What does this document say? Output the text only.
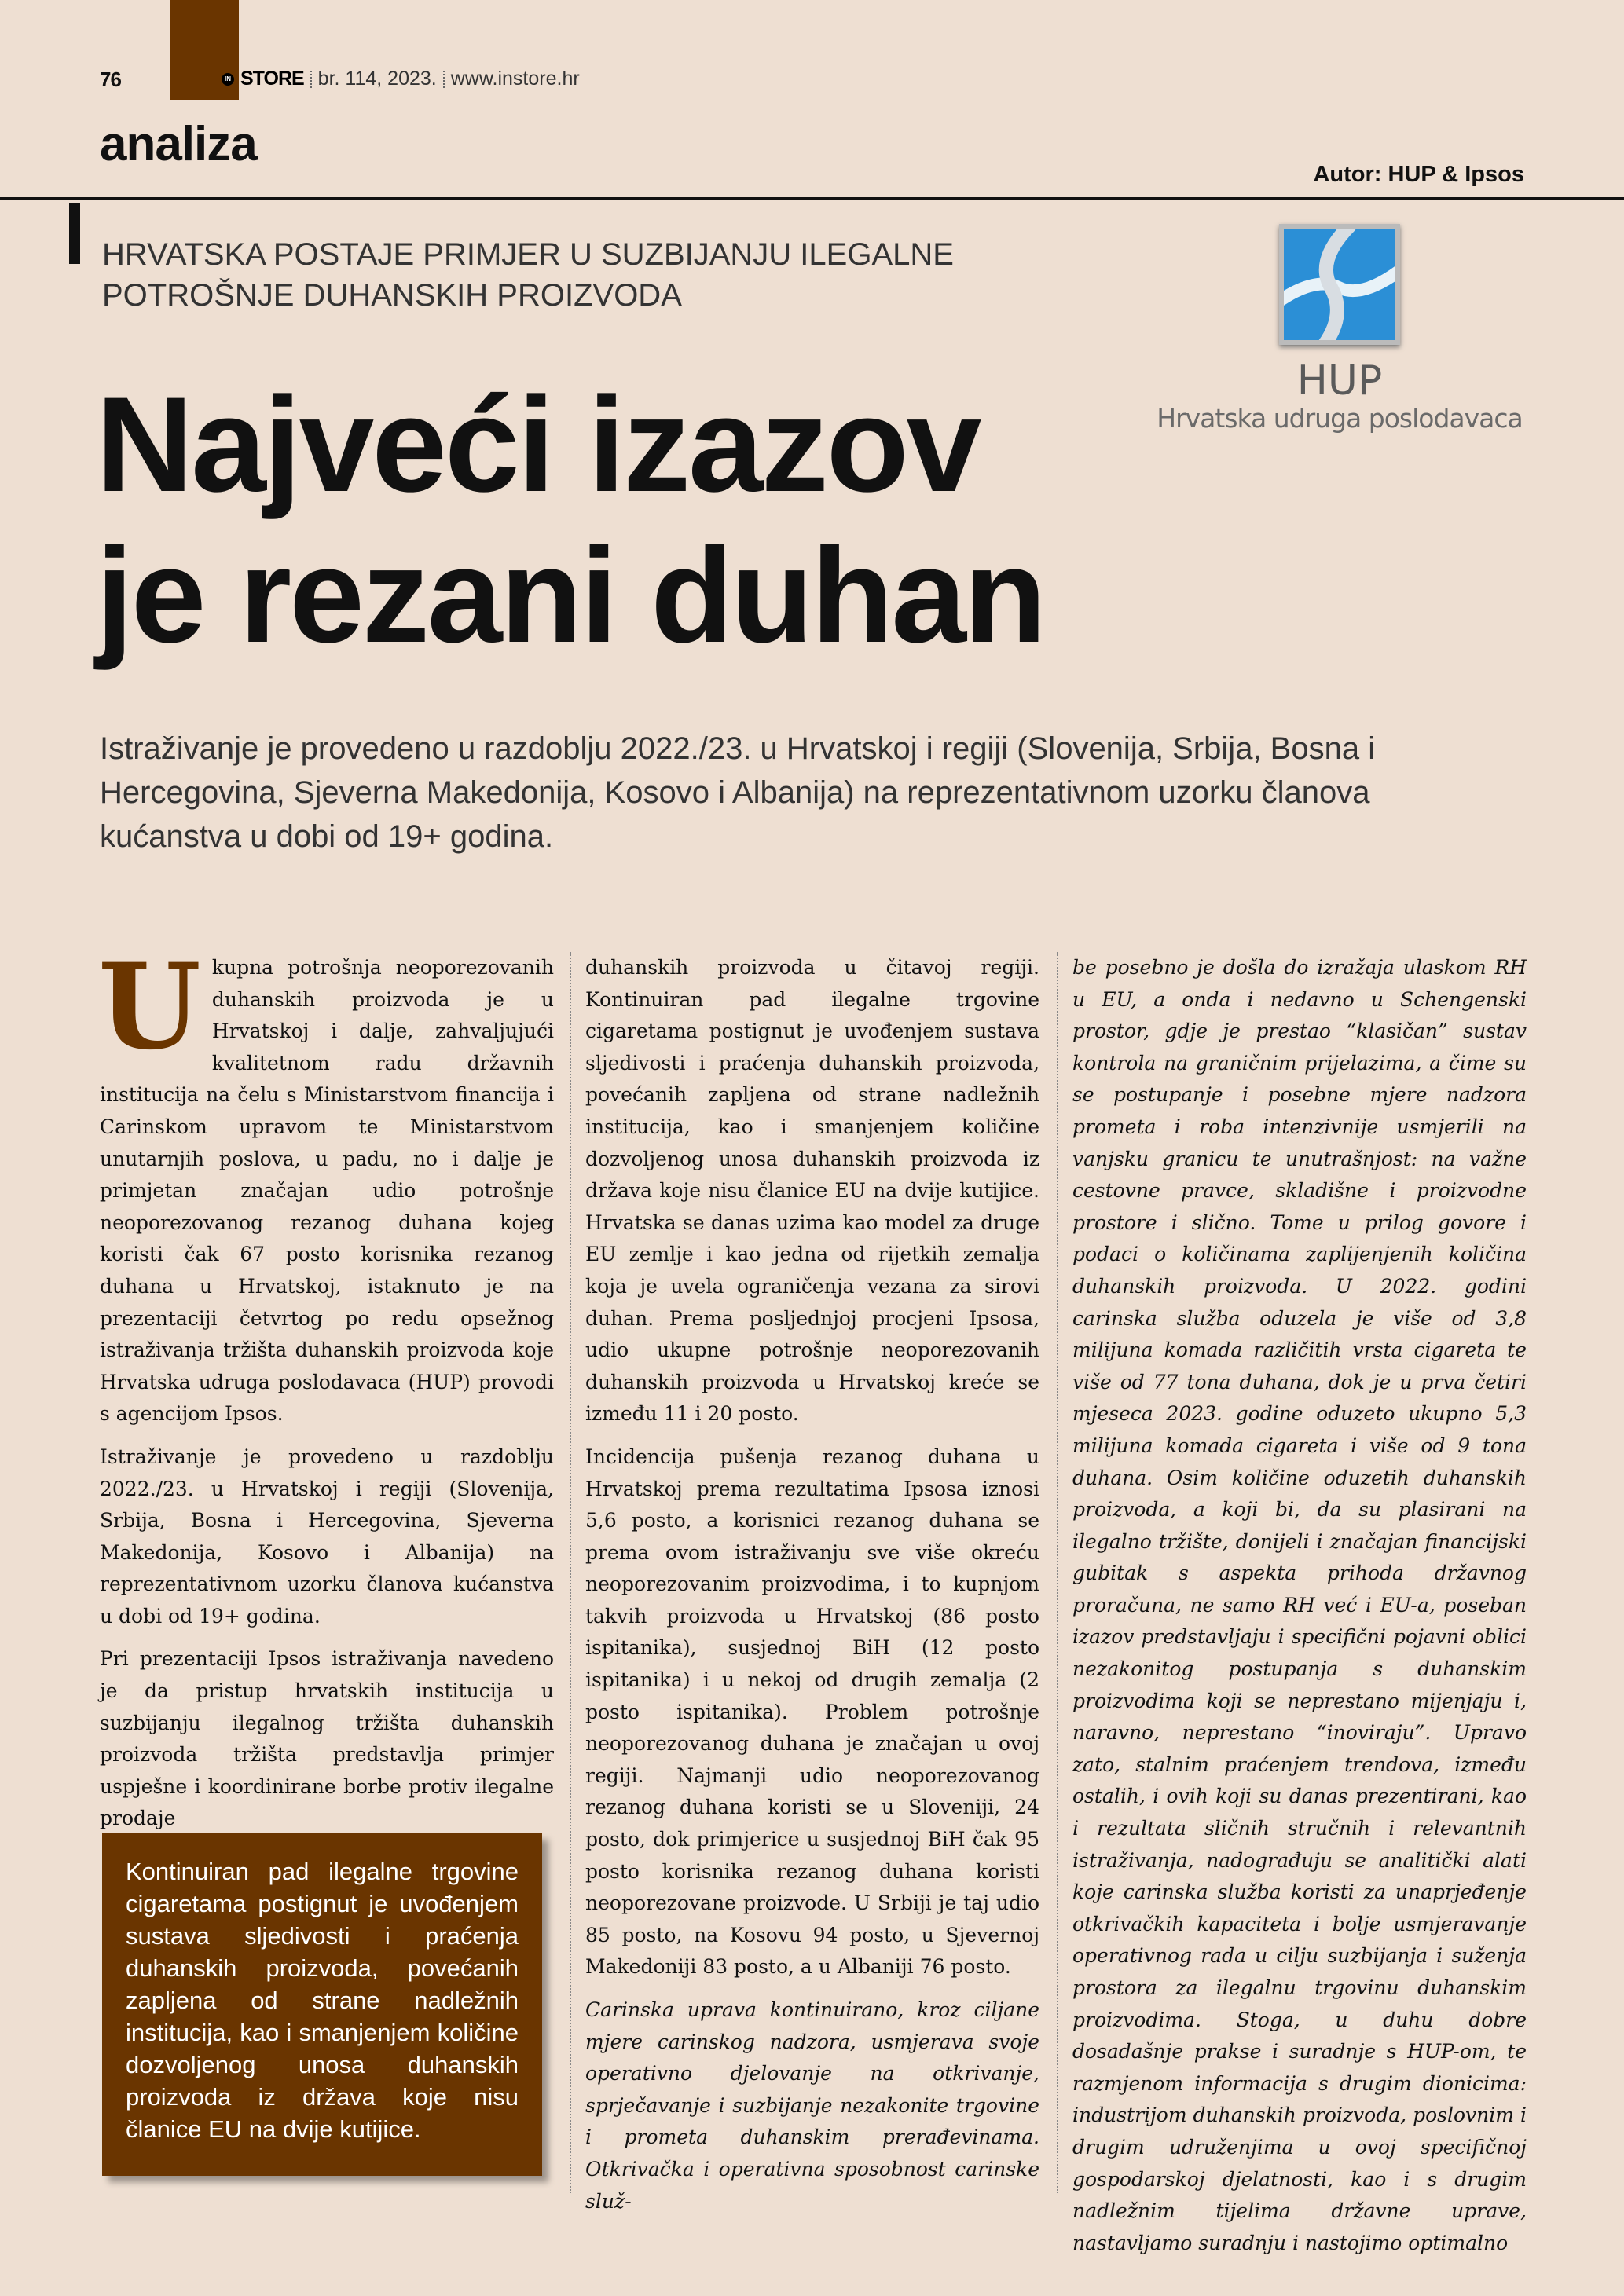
76	IN STORE br. 114, 2023. www.instore.hr
analiza
Autor: HUP & Ipsos
HRVATSKA POSTAJE PRIMJER U SUZBIJANJU ILEGALNE
POTROŠNJE DUHANSKIH PROIZVODA
HUP
Hrvatska udruga poslodavaca
Najveći izazov
je rezani duhan
Istraživanje je provedeno u razdoblju 2022./23. u Hrvatskoj i regiji (Slovenija, Srbija, Bosna i Hercegovina, Sjeverna Makedonija, Kosovo i Albanija) na reprezentativnom uzorku članova kućanstva u dobi od 19+ godina.

Ukupna potrošnja neoporezovanih duhanskih proizvoda je u Hrvatskoj i dalje, zahvaljujući kvalitetnom radu državnih institucija na čelu s Ministarstvom financija i Carinskom upravom te Ministarstvom unutarnjih poslova, u padu, no i dalje je primjetan značajan udio potrošnje neoporezovanog rezanog duhana kojeg koristi čak 67 posto korisnika rezanog duhana u Hrvatskoj, istaknuto je na prezentaciji četvrtog po redu opsežnog istraživanja tržišta duhanskih proizvoda koje Hrvatska udruga poslodavaca (HUP) provodi s agencijom Ipsos.

Istraživanje je provedeno u razdoblju 2022./23. u Hrvatskoj i regiji (Slovenija, Srbija, Bosna i Hercegovina, Sjeverna Makedonija, Kosovo i Albanija) na reprezentativnom uzorku članova kućanstva u dobi od 19+ godina.

Pri prezentaciji Ipsos istraživanja navedeno je da pristup hrvatskih institucija u suzbijanju ilegalnog tržišta duhanskih proizvoda tržišta predstavlja primjer uspješne i koordinirane borbe protiv ilegalne prodaje

duhanskih proizvoda u čitavoj regiji. Kontinuiran pad ilegalne trgovine cigaretama postignut je uvođenjem sustava sljedivosti i praćenja duhanskih proizvoda, povećanih zapljena od strane nadležnih institucija, kao i smanjenjem količine dozvoljenog unosa duhanskih proizvoda iz država koje nisu članice EU na dvije kutijice. Hrvatska se danas uzima kao model za druge EU zemlje i kao jedna od rijetkih zemalja koja je uvela ograničenja vezana za sirovi duhan. Prema posljednjoj procjeni Ipsosa, udio ukupne potrošnje neoporezovanih duhanskih proizvoda u Hrvatskoj kreće se između 11 i 20 posto.

Incidencija pušenja rezanog duhana u Hrvatskoj prema rezultatima Ipsosa iznosi 5,6 posto, a korisnici rezanog duhana se prema ovom istraživanju sve više okreću neoporezovanim proizvodima, i to kupnjom takvih proizvoda u Hrvatskoj (86 posto ispitanika), susjednoj BiH (12 posto ispitanika) i u nekoj od drugih zemalja (2 posto ispitanika). Problem potrošnje neoporezovanog duhana je značajan u ovoj regiji. Najmanji udio neoporezovanog rezanog duhana koristi se u Sloveniji, 24 posto, dok primjerice u susjednoj BiH čak 95 posto korisnika rezanog duhana koristi neoporezovane proizvode. U Srbiji je taj udio 85 posto, na Kosovu 94 posto, u Sjevernoj Makedoniji 83 posto, a u Albaniji 76 posto.

Carinska uprava kontinuirano, kroz ciljane mjere carinskog nadzora, usmjerava svoje operativno djelovanje na otkrivanje, sprječavanje i suzbijanje nezakonite trgovine i prometa duhanskim prerađevinama. Otkrivačka i operativna sposobnost carinske služ-

be posebno je došla do izražaja ulaskom RH u EU, a onda i nedavno u Schengenski prostor, gdje je prestao “klasičan” sustav kontrola na graničnim prijelazima, a čime su se postupanje i posebne mjere nadzora prometa i roba intenzivnije usmjerili na vanjsku granicu te unutrašnjost: na važne cestovne pravce, skladišne i proizvodne prostore i slično. Tome u prilog govore i podaci o količinama zaplijenjenih količina duhanskih proizvoda. U 2022. godini carinska služba oduzela je više od 3,8 milijuna komada različitih vrsta cigareta te više od 77 tona duhana, dok je u prva četiri mjeseca 2023. godine oduzeto ukupno 5,3 milijuna komada cigareta i više od 9 tona duhana. Osim količine oduzetih duhanskih proizvoda, a koji bi, da su plasirani na ilegalno tržište, donijeli i značajan financijski gubitak s aspekta prihoda državnog proračuna, ne samo RH već i EU-a, poseban izazov predstavljaju i specifični pojavni oblici nezakonitog postupanja s duhanskim proizvodima koji se neprestano mijenjaju i, naravno, neprestano “inoviraju”. Upravo zato, stalnim praćenjem trendova, između ostalih, i ovih koji su danas prezentirani, kao i rezultata sličnih stručnih i relevantnih istraživanja, nadograđuju se analitički alati koje carinska služba koristi za unaprjeđenje otkrivačkih kapaciteta i bolje usmjeravanje operativnog rada u cilju suzbijanja i suženja prostora za ilegalnu trgovinu duhanskim proizvodima. Stoga, u duhu dobre dosadašnje prakse i suradnje s HUP-om, te razmjenom informacija s drugim dionicima: industrijom duhanskih proizvoda, poslovnim i drugim udruženjima u ovoj specifičnoj gospodarskoj djelatnosti, kao i s drugim nadležnim tijelima državne uprave, nastavljamo suradnju i nastojimo optimalno

Kontinuiran pad ilegalne trgovine cigaretama postignut je uvođenjem sustava sljedivosti i praćenja duhanskih proizvoda, povećanih zapljena od strane nadležnih institucija, kao i smanjenjem količine dozvoljenog unosa duhanskih proizvoda iz država koje nisu članice EU na dvije kutijice.
